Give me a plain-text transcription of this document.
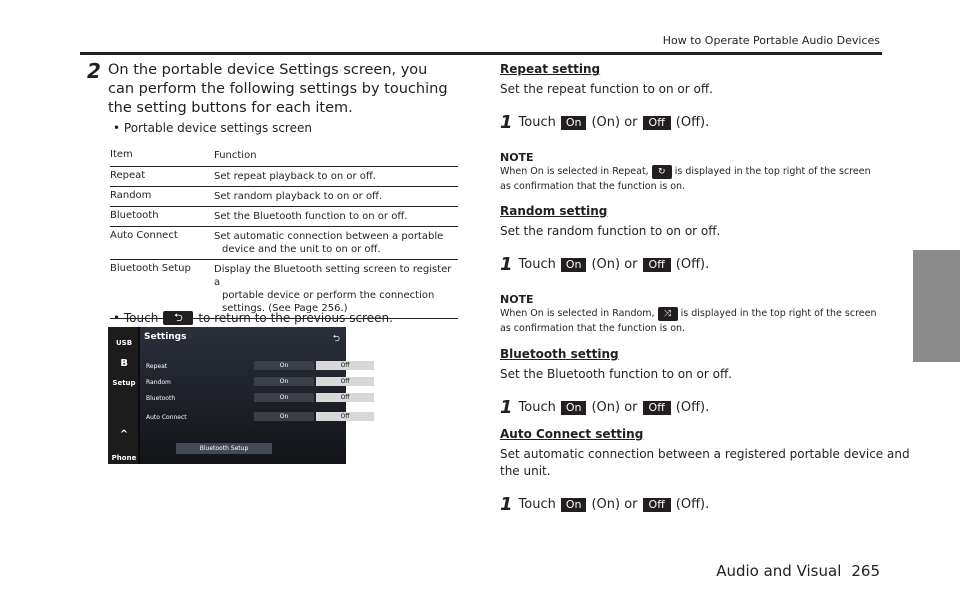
How to Operate Portable Audio Devices
2 On the portable device Settings screen, you can perform the following settings by touching the setting buttons for each item.
• Portable device settings screen
Item	Function
Repeat	Set repeat playback to on or off.
Random	Set random playback to on or off.
Bluetooth	Set the Bluetooth function to on or off.
Auto Connect	Set automatic connection between a portable
device and the unit to on or off.
Bluetooth Setup	Display the Bluetooth setting screen to register a
portable device or perform the connection
settings. (See Page 256.)
• Touch	⮌	to return to the previous screen.
USB
ʙ
Setup
^
Phone
Settings	⮌
Repeat	On	Off
Random	On	Off
Bluetooth	On	Off
Auto Connect	On	Off
Bluetooth Setup
Repeat setting
Set the repeat function to on or off.
1 Touch On (On) or	Off (Off).
NOTE
When On is selected in Repeat, ↻ is displayed in the top right of the screen as confirmation that the function is on.
Random setting
Set the random function to on or off.
1 Touch On (On) or	Off (Off).
NOTE
When On is selected in Random, ⤨ is displayed in the top right of the screen as confirmation that the function is on.
Bluetooth setting
Set the Bluetooth function to on or off.
1 Touch On (On) or	Off (Off).
Auto Connect setting
Set automatic connection between a registered portable device and
the unit.
1 Touch On (On) or	Off (Off).
Audio and Visual 265
